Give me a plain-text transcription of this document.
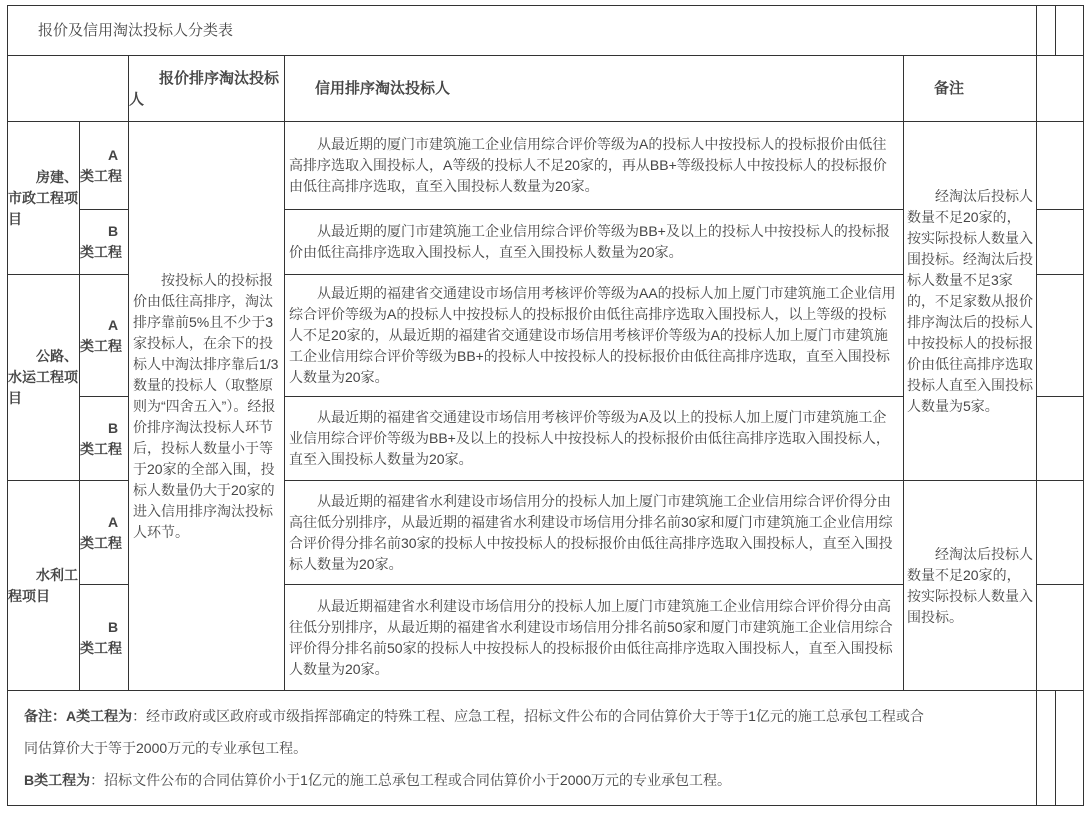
报价及信用淘汰投标人分类表						

		报价排序淘汰投标人	信用排序淘汰投标人	备注		

房建、市政工程项目	A类工程	按投标人的投标报价由低往高排序，淘汰排序靠前5%且不少于3家投标人，在余下的投标人中淘汰排序靠后1/3数量的投标人（取整原则为“四舍五入”）。经报价排序淘汰投标人环节后，投标人数量小于等于20家的全部入围，投标人数量仍大于20家的进入信用排序淘汰投标人环节。	从最近期的厦门市建筑施工企业信用综合评价等级为A的投标人中按投标人的投标报价由低往高排序选取入围投标人，A等级的投标人不足20家的，再从BB+等级投标人中按投标人的投标报价由低往高排序选取，直至入围投标人数量为20家。	经淘汰后投标人数量不足20家的，按实际投标人数量入围投标。经淘汰后投标人数量不足3家的，不足家数从报价排序淘汰后的投标人中按投标人的投标报价由低往高排序选取投标人直至入围投标人数量为5家。		

	B类工程		从最近期的厦门市建筑施工企业信用综合评价等级为BB+及以上的投标人中按投标人的投标报价由低往高排序选取入围投标人，直至入围投标人数量为20家。			

公路、水运工程项目	A类工程		从最近期的福建省交通建设市场信用考核评价等级为AA的投标人加上厦门市建筑施工企业信用综合评价等级为A的投标人中按投标人的投标报价由低往高排序选取入围投标人，以上等级的投标人不足20家的，从最近期的福建省交通建设市场信用考核评价等级为A的投标人加上厦门市建筑施工企业信用综合评价等级为BB+的投标人中按投标人的投标报价由低往高排序选取，直至入围投标人数量为20家。			

	B类工程		从最近期的福建省交通建设市场信用考核评价等级为A及以上的投标人加上厦门市建筑施工企业信用综合评价等级为BB+及以上的投标人中按投标人的投标报价由低往高排序选取入围投标人，直至入围投标人数量为20家。			

水利工程项目	A类工程		从最近期的福建省水利建设市场信用分的投标人加上厦门市建筑施工企业信用综合评价得分由高往低分别排序，从最近期的福建省水利建设市场信用分排名前30家和厦门市建筑施工企业信用综合评价得分排名前30家的投标人中按投标人的投标报价由低往高排序选取入围投标人，直至入围投标人数量为20家。	经淘汰后投标人数量不足20家的，按实际投标人数量入围投标。		

	B类工程		从最近期福建省水利建设市场信用分的投标人加上厦门市建筑施工企业信用综合评价得分由高往低分别排序，从最近期的福建省水利建设市场信用分排名前50家和厦门市建筑施工企业信用综合评价得分排名前50家的投标人中按投标人的投标报价由低往高排序选取入围投标人，直至入围投标人数量为20家。			

备注：A类工程为：经市政府或区政府或市级指挥部确定的特殊工程、应急工程，招标文件公布的合同估算价大于等于1亿元的施工总承包工程或合
同估算价大于等于2000万元的专业承包工程。
B类工程为：招标文件公布的合同估算价小于1亿元的施工总承包工程或合同估算价小于2000万元的专业承包工程。						
